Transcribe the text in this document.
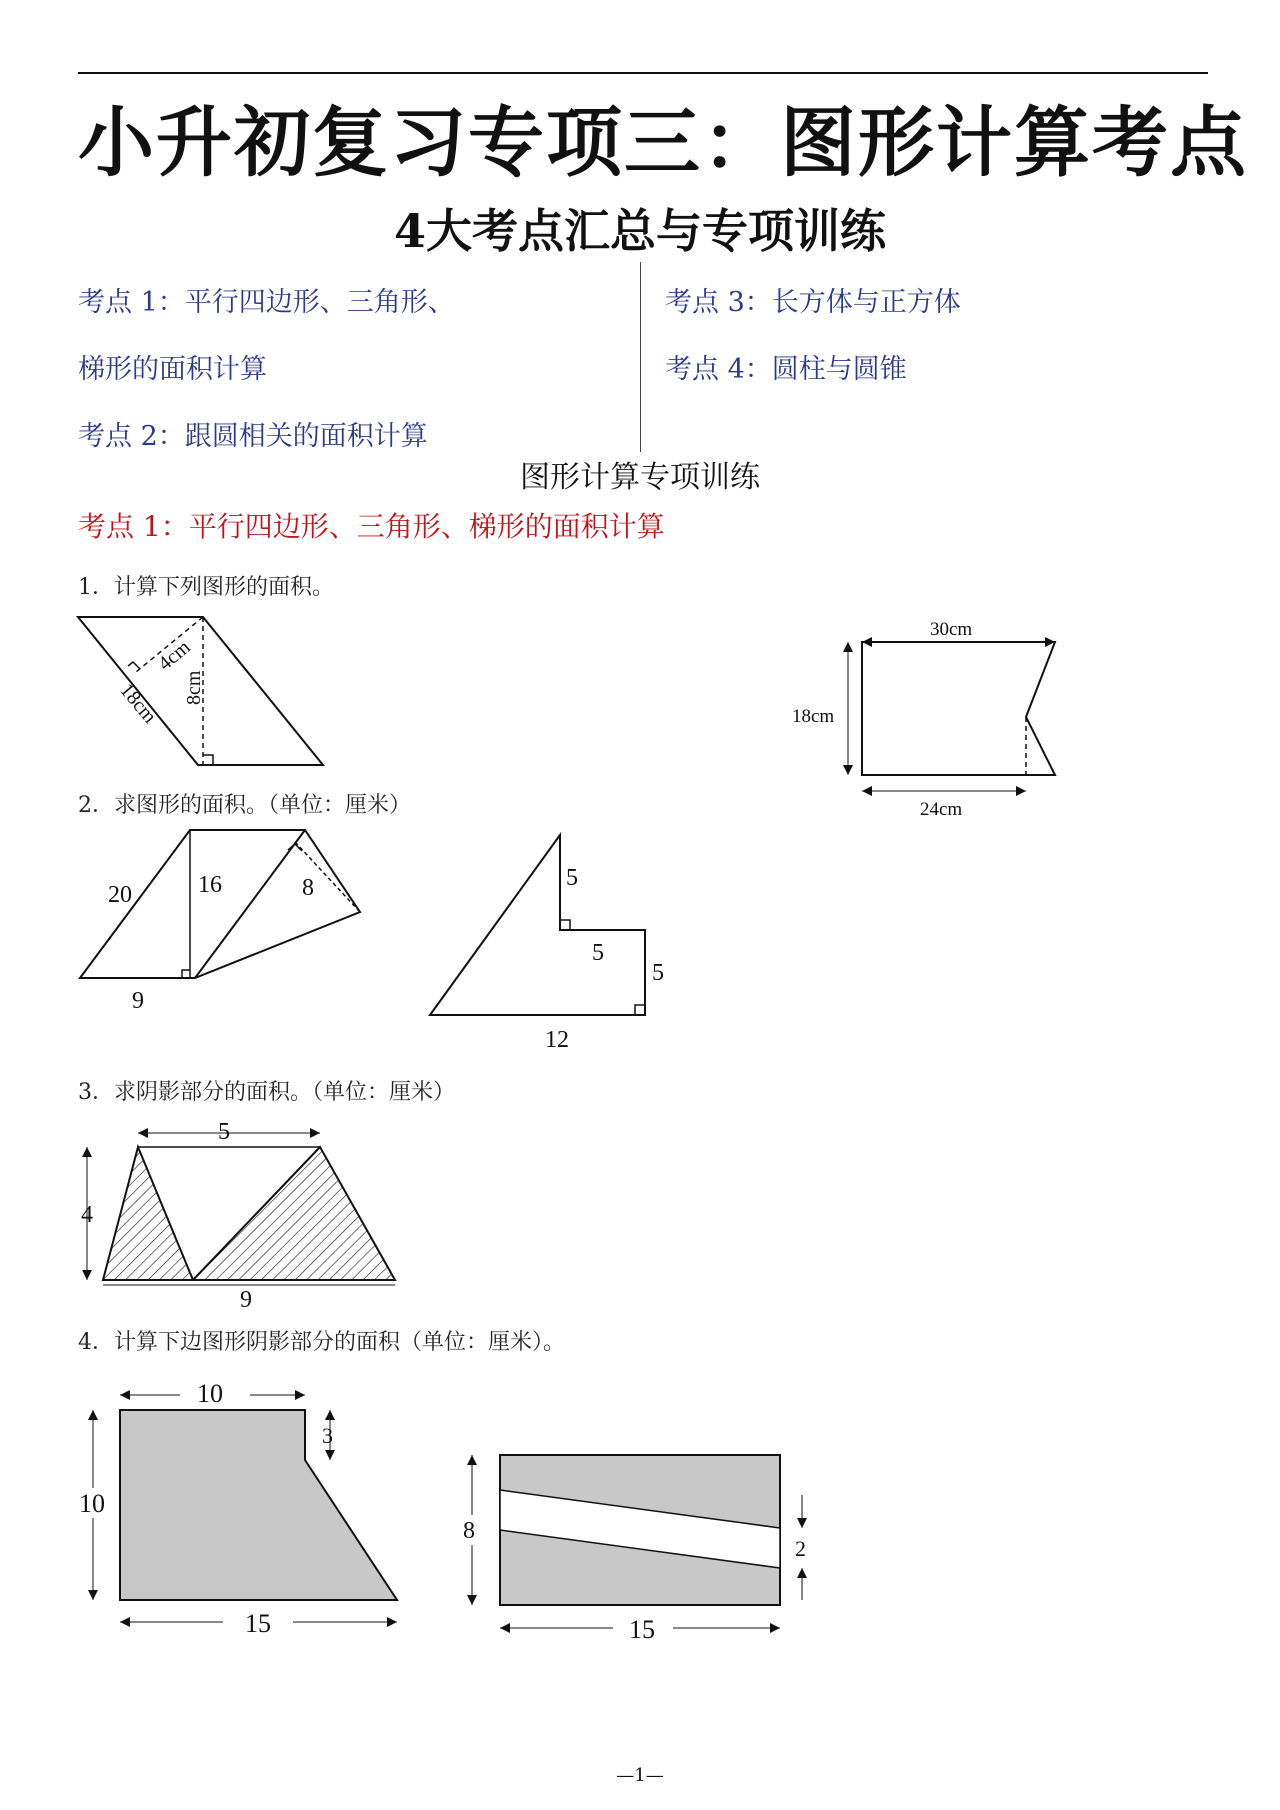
小升初复习专项三：图形计算考点
4大考点汇总与专项训练
考点 1：平行四边形、三角形、
梯形的面积计算
考点 2：跟圆相关的面积计算
考点 3：长方体与正方体
考点 4：圆柱与圆锥
图形计算专项训练
考点 1：平行四边形、三角形、梯形的面积计算
1．计算下列图形的面积。
2．求图形的面积。（单位：厘米）
3．求阴影部分的面积。（单位：厘米）
4．计算下边图形阴影部分的面积（单位：厘米）。
4cm
18cm 8cm
30cm
18cm
24cm
20	16	8
9
5
5
5
12
5
4
9
10
3
10
15
8
2
15
—1—
